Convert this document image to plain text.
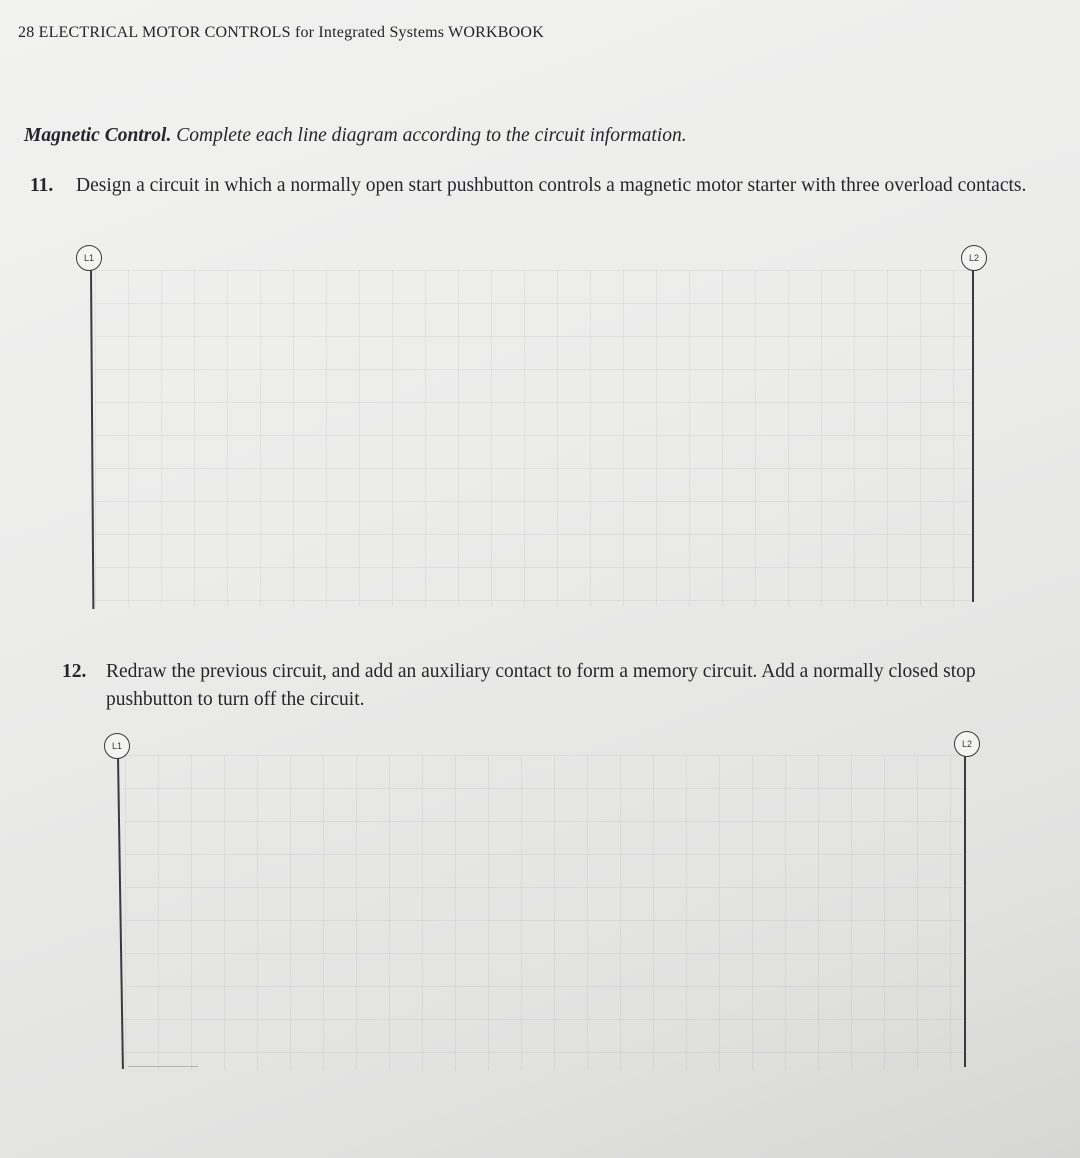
28 ELECTRICAL MOTOR CONTROLS for Integrated Systems WORKBOOK
Magnetic Control. Complete each line diagram according to the circuit information.
11. Design a circuit in which a normally open start pushbutton controls a magnetic motor starter with three overload contacts.
L1	L2
12. Redraw the previous circuit, and add an auxiliary contact to form a memory circuit. Add a normally closed stop pushbutton to turn off the circuit.
L1	L2
